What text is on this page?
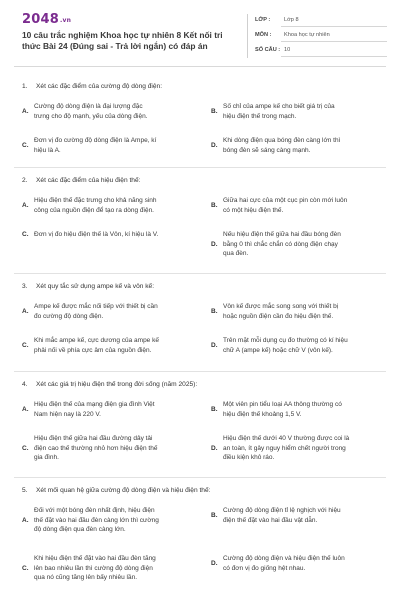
2048.vn
10 câu trắc nghiệm Khoa học tự nhiên 8 Kết nối tri thức Bài 24 (Đúng sai - Trả lời ngắn) có đáp án
LỚP : Lớp 8
MÔN : Khoa học tự nhiên
SỐ CÂU : 10
1. Xét các đặc điểm của cường độ dòng điện:
A.
Cường độ dòng điện là đại lượng đặc
trưng cho độ mạnh, yếu của dòng điện.
B.
Số chỉ của ampe kế cho biết giá trị của
hiệu điện thế trong mạch.
C.
Đơn vị đo cường độ dòng điện là Ampe, kí
hiệu là A.
D.
Khi dòng điện qua bóng đèn càng lớn thì
bóng đèn sẽ sáng càng mạnh.
2. Xét các đặc điểm của hiệu điện thế:
A.
Hiệu điện thế đặc trưng cho khả năng sinh
công của nguồn điện để tạo ra dòng điện.
B.
Giữa hai cực của một cục pin còn mới luôn
có một hiệu điện thế.
C. Đơn vị đo hiệu điện thế là Vôn, kí hiệu là V.
D.
Nếu hiệu điện thế giữa hai đầu bóng đèn
bằng 0 thì chắc chắn có dòng điện chạy
qua đèn.
3. Xét quy tắc sử dụng ampe kế và vôn kế:
A.
Ampe kế được mắc nối tiếp với thiết bị cần
đo cường độ dòng điện.
B.
Vôn kế được mắc song song với thiết bị
hoặc nguồn điện cần đo hiệu điện thế.
C.
Khi mắc ampe kế, cực dương của ampe kế
phải nối về phía cực âm của nguồn điện.
D.
Trên mặt mỗi dụng cụ đo thường có kí hiệu
chữ A (ampe kế) hoặc chữ V (vôn kế).
4. Xét các giá trị hiệu điện thế trong đời sống (năm 2025):
A.
Hiệu điện thế của mạng điện gia đình Việt
Nam hiện nay là 220 V.
B.
Một viên pin tiểu loại AA thông thường có
hiệu điện thế khoảng 1,5 V.
C.
Hiệu điện thế giữa hai đầu đường dây tải
điện cao thế thường nhỏ hơn hiệu điện thế
gia đình.
D.
Hiệu điện thế dưới 40 V thường được coi là
an toàn, ít gây nguy hiểm chết người trong
điều kiện khô ráo.
5. Xét mối quan hệ giữa cường độ dòng điện và hiệu điện thế:
A.
Đối với một bóng đèn nhất định, hiệu điện
thế đặt vào hai đầu đèn càng lớn thì cường
độ dòng điện qua đèn càng lớn.
B.
Cường độ dòng điện tỉ lệ nghịch với hiệu
điện thế đặt vào hai đầu vật dẫn.
C.
Khi hiệu điện thế đặt vào hai đầu đèn tăng
lên bao nhiêu lần thì cường độ dòng điện
qua nó cũng tăng lên bấy nhiêu lần.
D.
Cường độ dòng điện và hiệu điện thế luôn
có đơn vị đo giống hệt nhau.
